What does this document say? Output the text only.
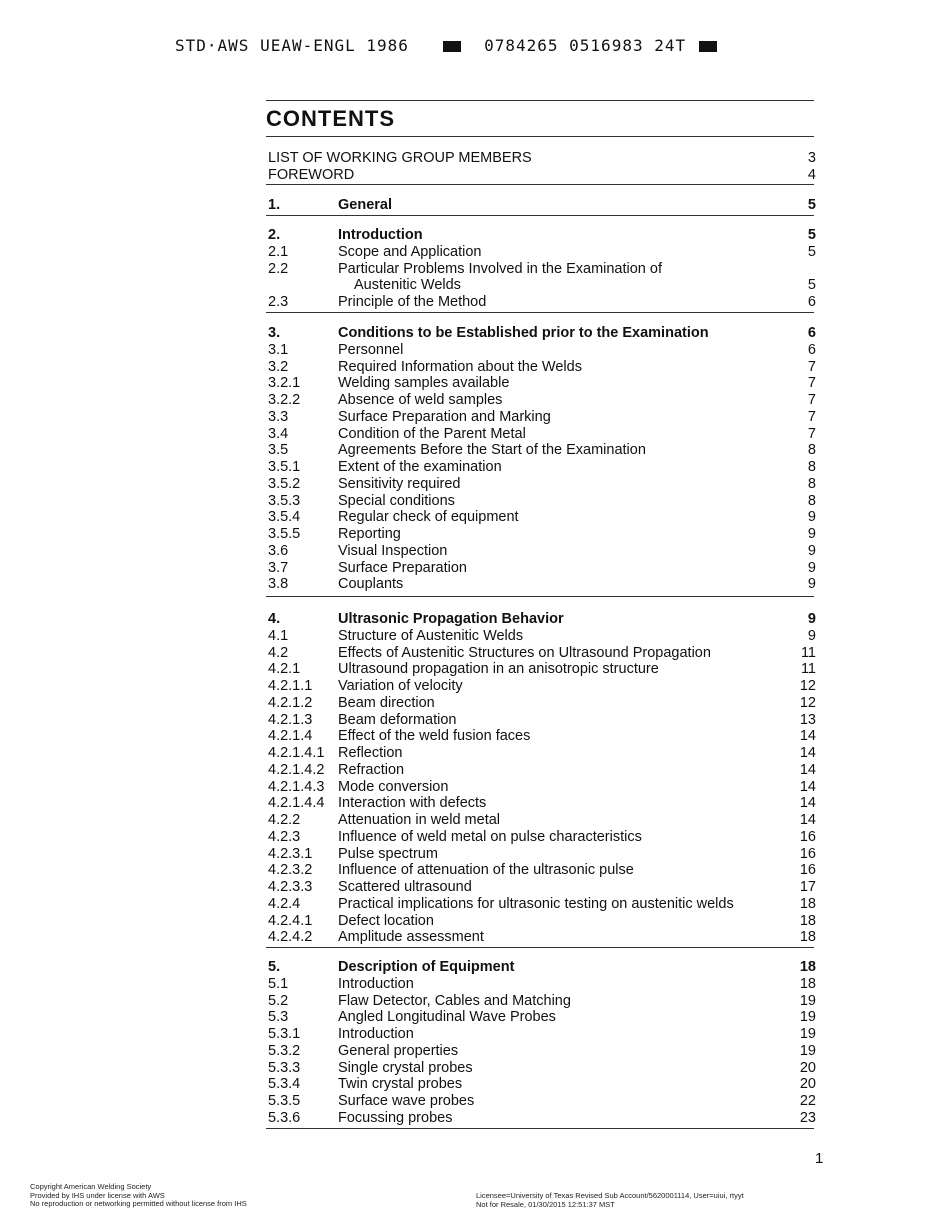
STD·AWS UEAW-ENGL 1986	0784265 0516983 24T
CONTENTS
LIST OF WORKING GROUP MEMBERS	3
FOREWORD	4
1.	General	5
2.	Introduction	5
2.1	Scope and Application	5
2.2	Particular Problems Involved in the Examination of
Austenitic Welds	5
2.3	Principle of the Method	6
3.	Conditions to be Established prior to the Examination	6
3.1	Personnel	6
3.2	Required Information about the Welds	7
3.2.1	Welding samples available	7
3.2.2	Absence of weld samples	7
3.3	Surface Preparation and Marking	7
3.4	Condition of the Parent Metal	7
3.5	Agreements Before the Start of the Examination	8
3.5.1	Extent of the examination	8
3.5.2	Sensitivity required	8
3.5.3	Special conditions	8
3.5.4	Regular check of equipment	9
3.5.5	Reporting	9
3.6	Visual Inspection	9
3.7	Surface Preparation	9
3.8	Couplants	9
4.	Ultrasonic Propagation Behavior	9
4.1	Structure of Austenitic Welds	9
4.2	Effects of Austenitic Structures on Ultrasound Propagation	11
4.2.1	Ultrasound propagation in an anisotropic structure	11
4.2.1.1 Variation of velocity	12
4.2.1.2 Beam direction	12
4.2.1.3 Beam deformation	13
4.2.1.4 Effect of the weld fusion faces	14
4.2.1.4.1 Reflection	14
4.2.1.4.2 Refraction	14
4.2.1.4.3 Mode conversion	14
4.2.1.4.4 Interaction with defects	14
4.2.2	Attenuation in weld metal	14
4.2.3	Influence of weld metal on pulse characteristics	16
4.2.3.1 Pulse spectrum	16
4.2.3.2 Influence of attenuation of the ultrasonic pulse	16
4.2.3.3 Scattered ultrasound	17
4.2.4	Practical implications for ultrasonic testing on austenitic welds	18
4.2.4.1 Defect location	18
4.2.4.2 Amplitude assessment	18
5.	Description of Equipment	18
5.1	Introduction	18
5.2	Flaw Detector, Cables and Matching	19
5.3	Angled Longitudinal Wave Probes	19
5.3.1	Introduction	19
5.3.2	General properties	19
5.3.3	Single crystal probes	20
5.3.4	Twin crystal probes	20
5.3.5	Surface wave probes	22
5.3.6	Focussing probes	23
1
Copyright American Welding Society
Provided by IHS under license with AWS
No reproduction or networking permitted without license from IHS
Licensee=University of Texas Revised Sub Account/5620001114, User=uiui, rtyyt
Not for Resale, 01/30/2015 12:51:37 MST
